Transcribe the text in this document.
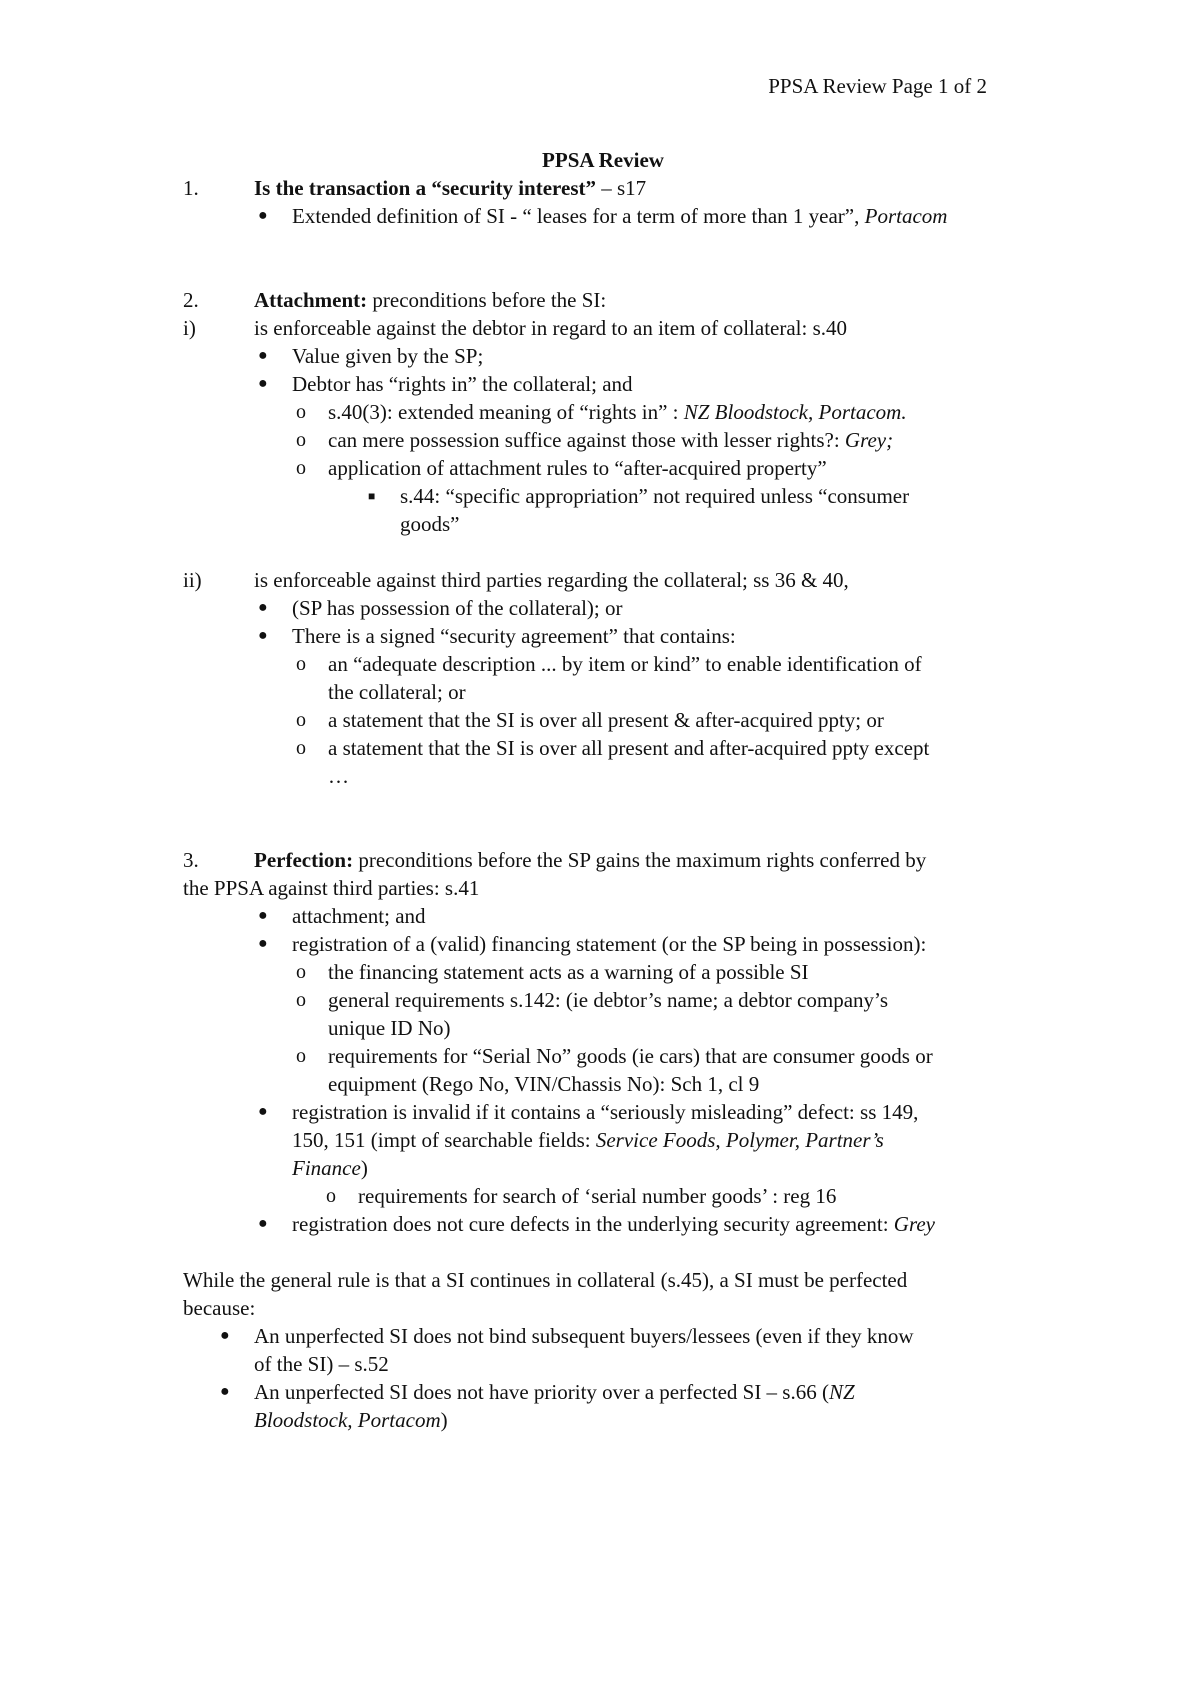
PPSA Review Page 1 of 2
PPSA Review
1.	Is the transaction a “security interest” – s17
● Extended definition of SI - “ leases for a term of more than 1 year”, Portacom
2.	Attachment: preconditions before the SI:
i)	is enforceable against the debtor in regard to an item of collateral: s.40
● Value given by the SP;
● Debtor has “rights in” the collateral; and
o s.40(3): extended meaning of “rights in” : NZ Bloodstock, Portacom.
o can mere possession suffice against those with lesser rights?: Grey;
o application of attachment rules to “after-acquired property”
■ s.44: “specific appropriation” not required unless “consumer
goods”
ii) is enforceable against third parties regarding the collateral; ss 36 & 40,
● (SP has possession of the collateral); or
● There is a signed “security agreement” that contains:
o an “adequate description ... by item or kind” to enable identification of
the collateral; or
o a statement that the SI is over all present & after-acquired ppty; or
o a statement that the SI is over all present and after-acquired ppty except
…
3.	Perfection: preconditions before the SP gains the maximum rights conferred by
the PPSA against third parties: s.41
● attachment; and
● registration of a (valid) financing statement (or the SP being in possession):
o the financing statement acts as a warning of a possible SI
o general requirements s.142: (ie debtor’s name; a debtor company’s
unique ID No)
o requirements for “Serial No” goods (ie cars) that are consumer goods or
equipment (Rego No, VIN/Chassis No): Sch 1, cl 9
● registration is invalid if it contains a “seriously misleading” defect: ss 149,
150, 151 (impt of searchable fields: Service Foods, Polymer, Partner’s
Finance)
o requirements for search of ‘serial number goods’ : reg 16
● registration does not cure defects in the underlying security agreement: Grey
While the general rule is that a SI continues in collateral (s.45), a SI must be perfected
because:
● An unperfected SI does not bind subsequent buyers/lessees (even if they know
of the SI) – s.52
● An unperfected SI does not have priority over a perfected SI – s.66 (NZ
Bloodstock, Portacom)
